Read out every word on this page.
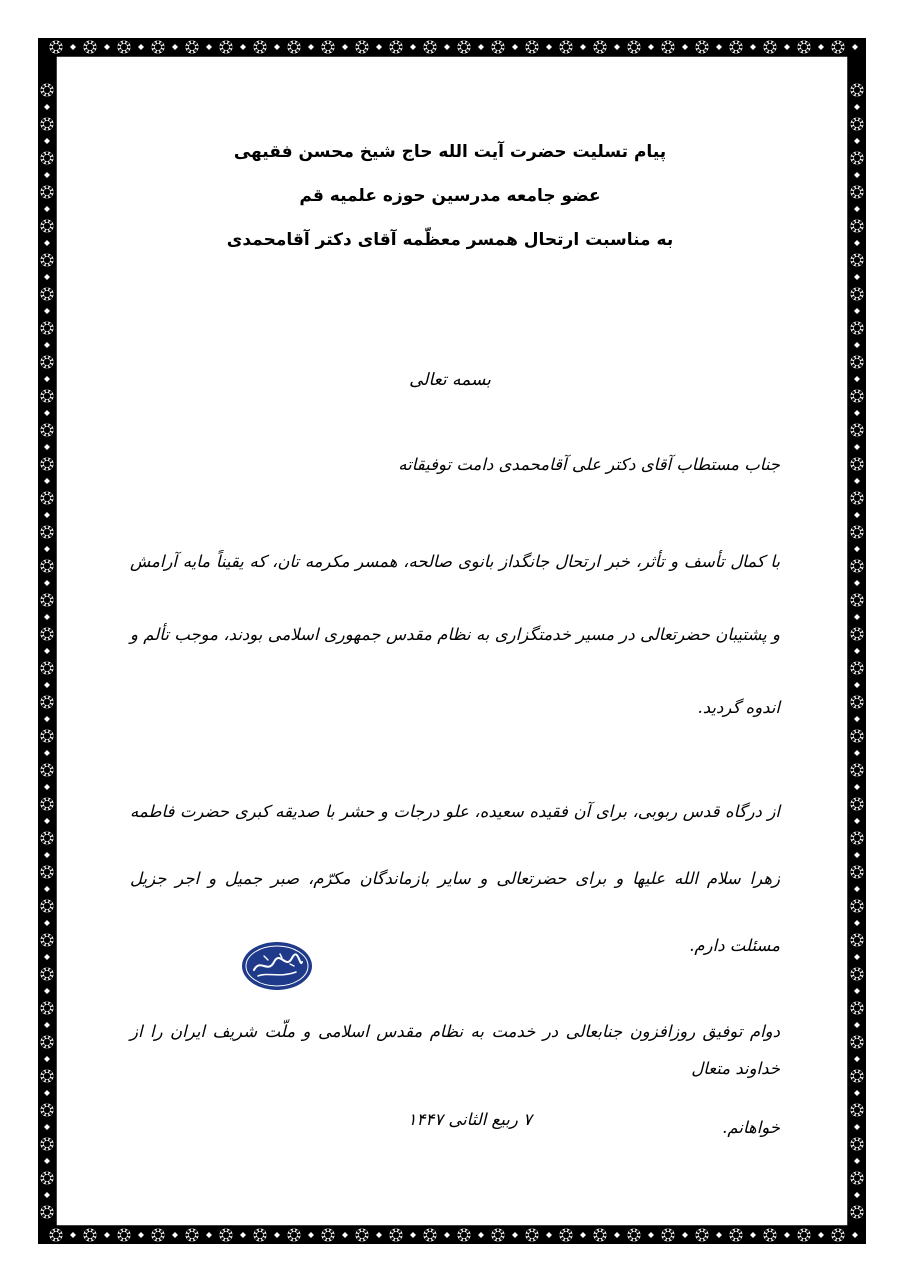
پیام تسلیت حضرت آیت الله حاج شیخ محسن فقیهی

عضو جامعه مدرسین حوزه علمیه قم

به مناسبت ارتحال همسر معظّمه آقای دکتر آقامحمدی

بسمه تعالی

جناب مستطاب آقای دکتر علی آقامحمدی دامت توفیقاته

با کمال تأسف و تأثر، خبر ارتحال جانگداز بانوی صالحه، همسر مکرمه تان، که یقیناً مایه آرامش و پشتیبان حضرتعالی در مسیر خدمتگزاری به نظام مقدس جمهوری اسلامی بودند، موجب تألم و اندوه گردید.

از درگاه قدس ربوبی، برای آن فقیده سعیده، علو درجات و حشر با صدیقه کبری حضرت فاطمه زهرا سلام الله علیها و برای حضرتعالی و سایر بازماندگان مکرّم، صبر جمیل و اجر جزیل مسئلت دارم.

دوام توفیق روزافزون جنابعالی در خدمت به نظام مقدس اسلامی و ملّت شریف ایران را از خداوند متعال

خواهانم.
۷ ربیع الثانی ۱۴۴۷
